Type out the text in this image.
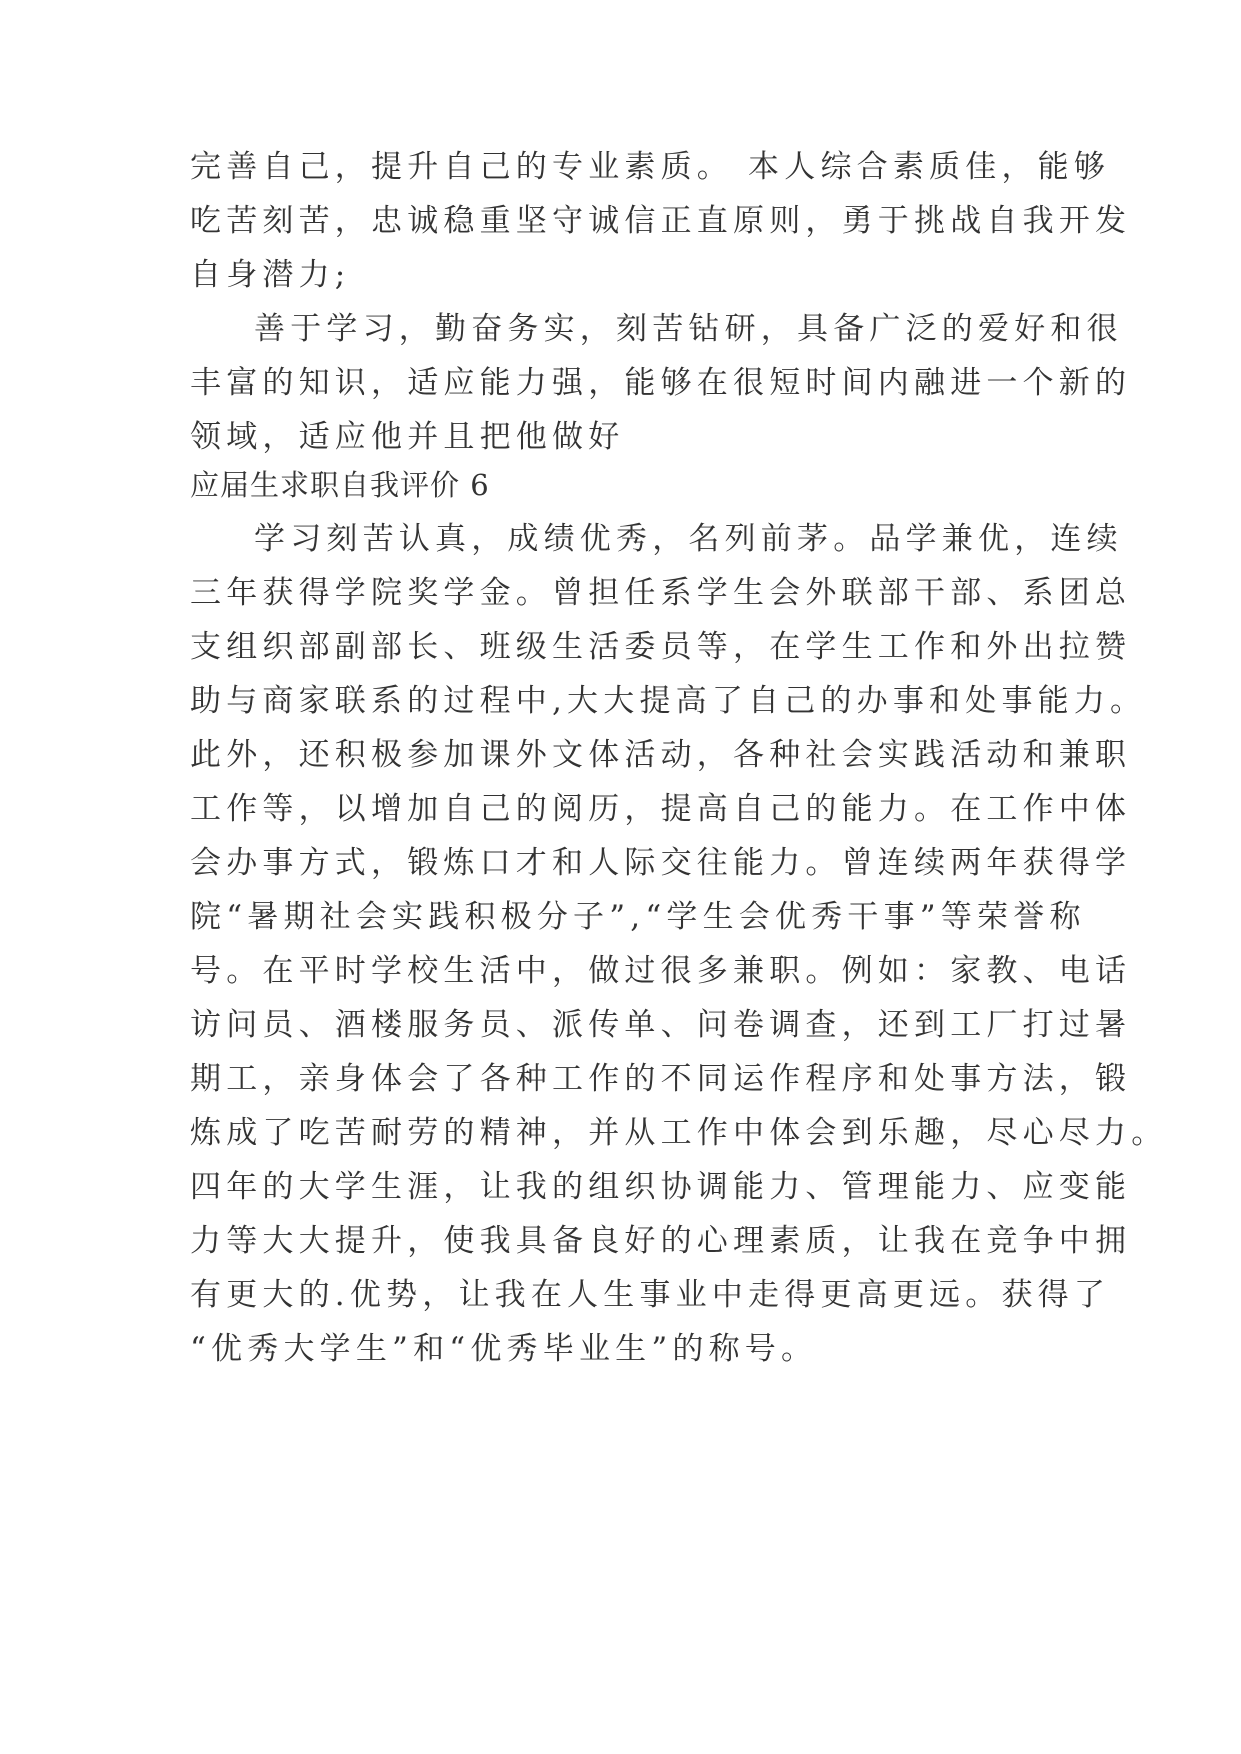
完善自己，提升自己的专业素质。 本人综合素质佳，能够
吃苦刻苦，忠诚稳重坚守诚信正直原则，勇于挑战自我开发
自身潜力;
善于学习，勤奋务实，刻苦钻研，具备广泛的爱好和很
丰富的知识，适应能力强，能够在很短时间内融进一个新的
领域，适应他并且把他做好
应届生求职自我评价 6
学习刻苦认真，成绩优秀，名列前茅。品学兼优，连续
三年获得学院奖学金。曾担任系学生会外联部干部、系团总
支组织部副部长、班级生活委员等，在学生工作和外出拉赞
助与商家联系的过程中,大大提高了自己的办事和处事能力。
此外，还积极参加课外文体活动，各种社会实践活动和兼职
工作等，以增加自己的阅历，提高自己的能力。在工作中体
会办事方式，锻炼口才和人际交往能力。曾连续两年获得学
院“暑期社会实践积极分子”,“学生会优秀干事”等荣誉称
号。在平时学校生活中，做过很多兼职。例如：家教、电话
访问员、酒楼服务员、派传单、问卷调查，还到工厂打过暑
期工，亲身体会了各种工作的不同运作程序和处事方法，锻
炼成了吃苦耐劳的精神，并从工作中体会到乐趣，尽心尽力。
四年的大学生涯，让我的组织协调能力、管理能力、应变能
力等大大提升，使我具备良好的心理素质，让我在竞争中拥
有更大的.优势，让我在人生事业中走得更高更远。获得了
“优秀大学生”和“优秀毕业生”的称号。
